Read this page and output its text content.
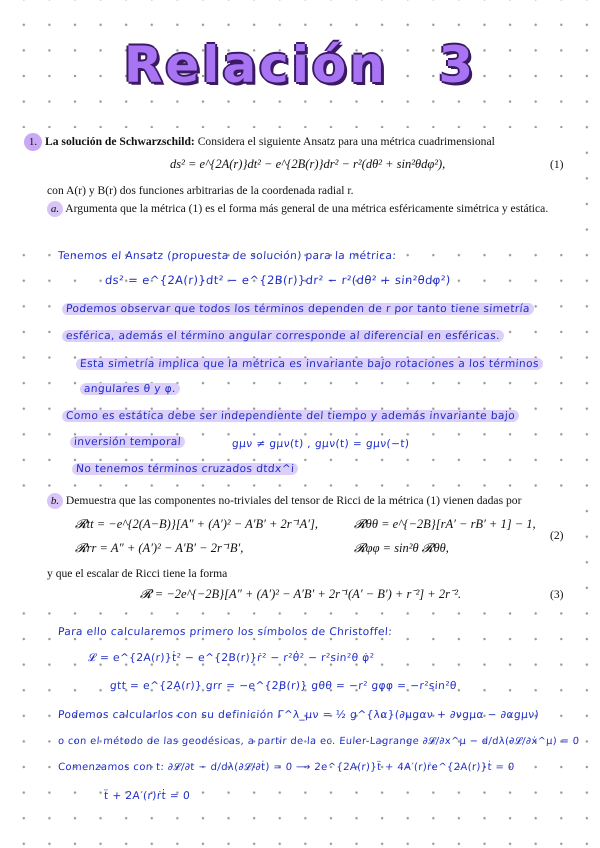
Relación 3
1. La solución de Schwarzschild: Considera el siguiente Ansatz para una métrica cuadrimensional
ds² = e^{2A(r)}dt² − e^{2B(r)}dr² − r²(dθ² + sin²θdφ²),	(1)
con A(r) y B(r) dos funciones arbitrarias de la coordenada radial r.
a. Argumenta que la métrica (1) es el forma más general de una métrica esféricamente simétrica y estática.
Tenemos el Ansatz (propuesta de solución) para la métrica:
ds² = e^{2A(r)}dt² − e^{2B(r)}dr² − r²(dθ² + sin²θdφ²)
Podemos observar que todos los términos dependen de r por tanto tiene simetría
esférica, además el término angular corresponde al diferencial en esféricas.
Esta simetría implica que la métrica es invariante bajo rotaciones a los términos
angulares θ y φ.
Como es estática debe ser independiente del tiempo y además invariante bajo
inversión temporal	gμν ≠ gμν(t) , gμν(t) = gμν(−t)
No tenemos términos cruzados dtdx^i
b. Demuestra que las componentes no-triviales del tensor de Ricci de la métrica (1) vienen dadas por
𝓡tt = −e^{2(A−B)}[A″ + (A′)² − A′B′ + 2r⁻¹A′],	𝓡θθ = e^{−2B}[rA′ − rB′ + 1] − 1,
𝓡rr = A″ + (A′)² − A′B′ − 2r⁻¹B′,	𝓡φφ = sin²θ 𝓡θθ,
(2)
y que el escalar de Ricci tiene la forma
𝓡 = −2e^{−2B}[A″ + (A′)² − A′B′ + 2r⁻¹(A′ − B′) + r⁻²] + 2r⁻².	(3)
Para ello calcularemos primero los símbolos de Christoffel:
𝓛 = e^{2A(r)}ṫ² − e^{2B(r)}ṙ² − r²θ̇² − r²sin²θ φ̇²
gtt = e^{2A(r)} grr = −e^{2B(r)} gθθ = −r² gφφ = −r²sin²θ
Podemos calcularlos con su definición Γ^λ_μν = ½ g^{λα}(∂μgαν + ∂νgμα − ∂αgμν)
o con el método de las geodésicas, a partir de la ec. Euler-Lagrange ∂𝓛/∂x^μ − d/dλ(∂𝓛/∂ẋ^μ) = 0
Comenzamos con t: ∂𝓛/∂t − d/dλ(∂𝓛/∂ṫ) = 0 ⟶ 2e^{2A(r)}ẗ + 4A′(r)ṙe^{2A(r)}ṫ = 0
ẗ + 2A′(r)ṙṫ = 0
